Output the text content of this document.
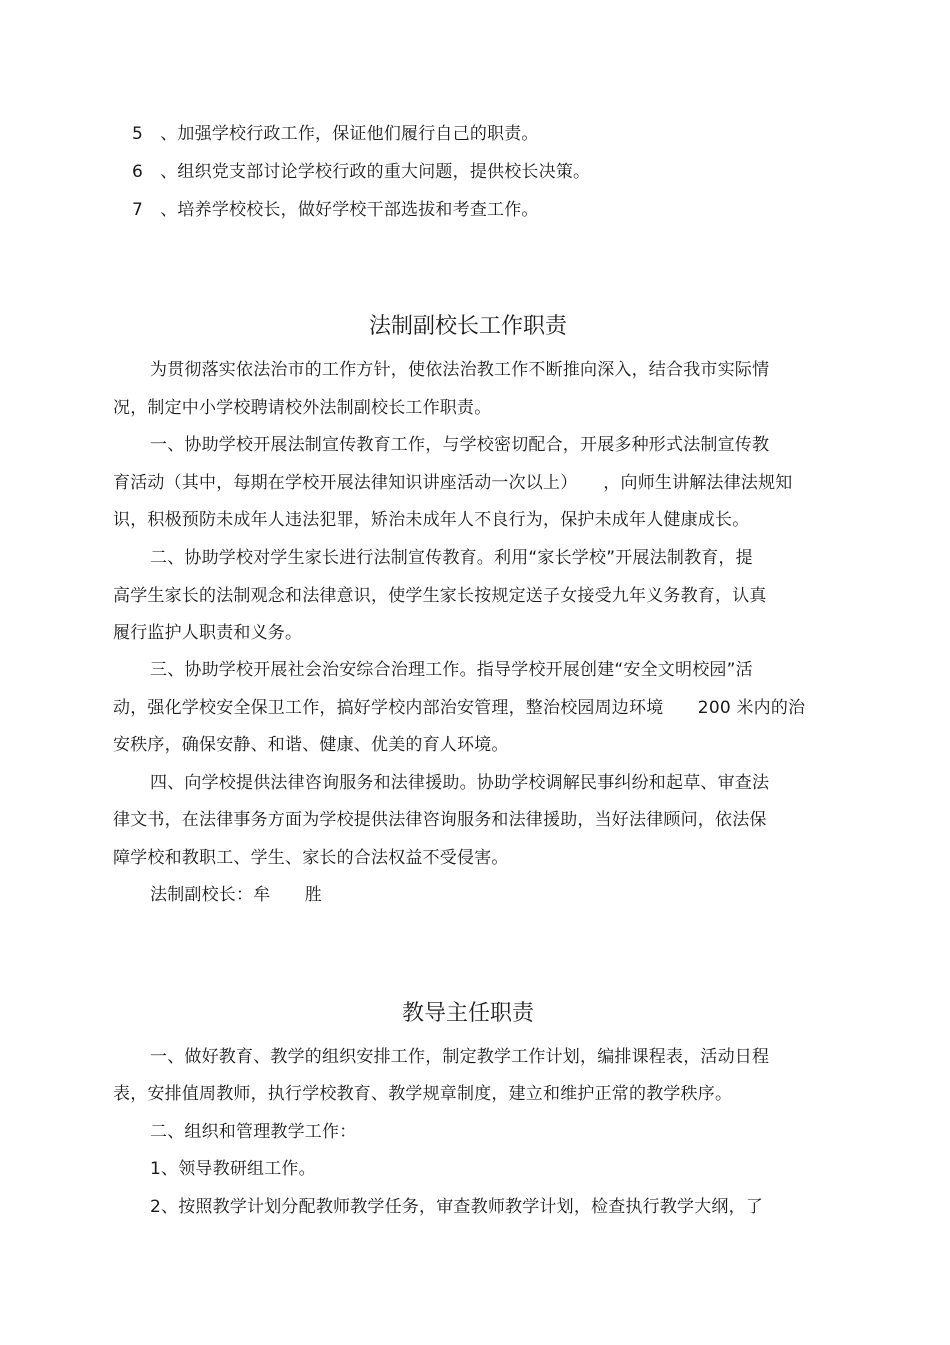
5　、加强学校行政工作，保证他们履行自己的职责。
6　、组织党支部讨论学校行政的重大问题，提供校长决策。
7　、培养学校校长，做好学校干部选拔和考查工作。
法制副校长工作职责
为贯彻落实依法治市的工作方针，使依法治教工作不断推向深入，结合我市实际情
况，制定中小学校聘请校外法制副校长工作职责。
一、协助学校开展法制宣传教育工作，与学校密切配合，开展多种形式法制宣传教
育活动（其中，每期在学校开展法律知识讲座活动一次以上）　　，向师生讲解法律法规知
识，积极预防未成年人违法犯罪，矫治未成年人不良行为，保护未成年人健康成长。
二、协助学校对学生家长进行法制宣传教育。利用“家长学校”开展法制教育，提
高学生家长的法制观念和法律意识，使学生家长按规定送子女接受九年义务教育，认真
履行监护人职责和义务。
三、协助学校开展社会治安综合治理工作。指导学校开展创建“安全文明校园”活
动，强化学校安全保卫工作，搞好学校内部治安管理，整治校园周边环境　　200 米内的治
安秩序，确保安静、和谐、健康、优美的育人环境。
四、向学校提供法律咨询服务和法律援助。协助学校调解民事纠纷和起草、审查法
律文书，在法律事务方面为学校提供法律咨询服务和法律援助，当好法律顾问，依法保
障学校和教职工、学生、家长的合法权益不受侵害。
法制副校长：牟　　胜
教导主任职责
一、做好教育、教学的组织安排工作，制定教学工作计划，编排课程表，活动日程
表，安排值周教师，执行学校教育、教学规章制度，建立和维护正常的教学秩序。
二、组织和管理教学工作：
1、领导教研组工作。
2、按照教学计划分配教师教学任务，审查教师教学计划，检查执行教学大纲，了
